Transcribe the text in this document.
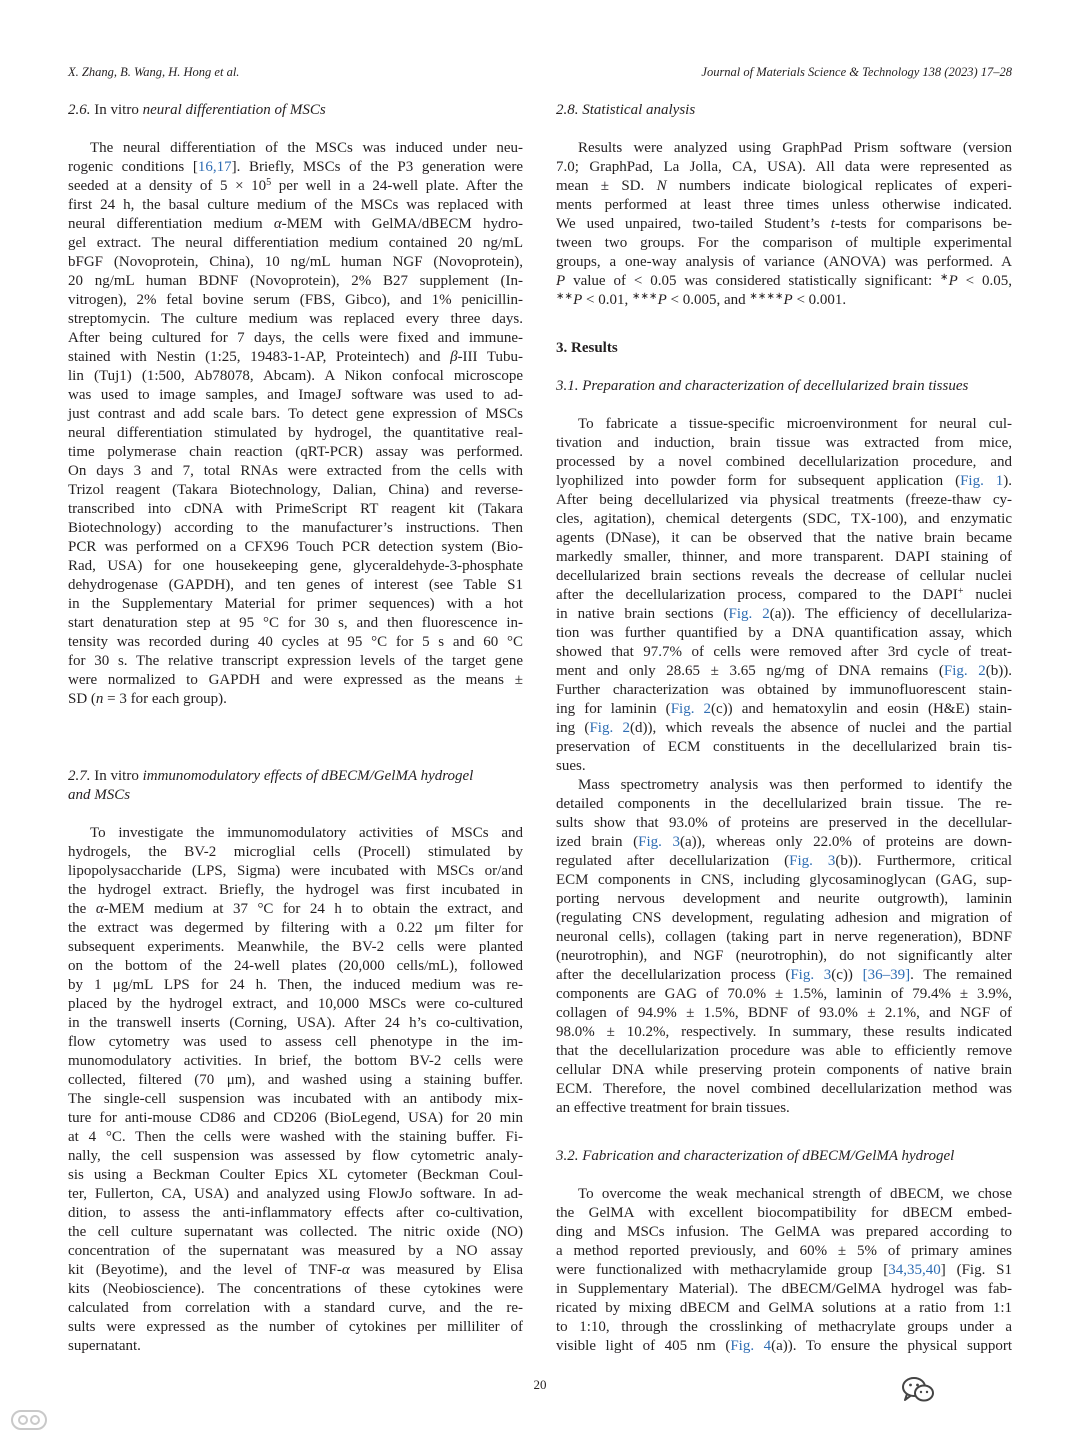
X. Zhang, B. Wang, H. Hong et al.	Journal of Materials Science & Technology 138 (2023) 17–28
2.6. In vitro neural differentiation of MSCs
The neural differentiation of the MSCs was induced under neu-
rogenic conditions [16,17]. Briefly, MSCs of the P3 generation were
seeded at a density of $5 \times 10^5$ per well in a 24-well plate. After the
first 24 h, the basal culture medium of the MSCs was replaced with
neural differentiation medium α-MEM with GelMA/dBECM hydro-
gel extract. The neural differentiation medium contained 20 ng/mL
bFGF (Novoprotein, China), 10 ng/mL human NGF (Novoprotein),
20 ng/mL human BDNF (Novoprotein), 2% B27 supplement (In-
vitrogen), 2% fetal bovine serum (FBS, Gibco), and 1% penicillin-
streptomycin. The culture medium was replaced every three days.
After being cultured for 7 days, the cells were fixed and immune-
stained with Nestin (1:25, 19483-1-AP, Proteintech) and β-III Tubu-
lin (Tuj1) (1:500, Ab78078, Abcam). A Nikon confocal microscope
was used to image samples, and ImageJ software was used to ad-
just contrast and add scale bars. To detect gene expression of MSCs
neural differentiation stimulated by hydrogel, the quantitative real-
time polymerase chain reaction (qRT-PCR) assay was performed.
On days 3 and 7, total RNAs were extracted from the cells with
Trizol reagent (Takara Biotechnology, Dalian, China) and reverse-
transcribed into cDNA with PrimeScript RT reagent kit (Takara
Biotechnology) according to the manufacturer’s instructions. Then
PCR was performed on a CFX96 Touch PCR detection system (Bio-
Rad, USA) for one housekeeping gene, glyceraldehyde-3-phosphate
dehydrogenase (GAPDH), and ten genes of interest (see Table S1
in the Supplementary Material for primer sequences) with a hot
start denaturation step at 95 °C for 30 s, and then fluorescence in-
tensity was recorded during 40 cycles at 95 °C for 5 s and 60 °C
for 30 s. The relative transcript expression levels of the target gene
were normalized to GAPDH and were expressed as the means ±
SD (n = 3 for each group).
2.7. In vitro immunomodulatory effects of dBECM/GelMA hydrogel
and MSCs
To investigate the immunomodulatory activities of MSCs and
hydrogels, the BV-2 microglial cells (Procell) stimulated by
lipopolysaccharide (LPS, Sigma) were incubated with MSCs or/and
the hydrogel extract. Briefly, the hydrogel was first incubated in
the α-MEM medium at 37 °C for 24 h to obtain the extract, and
the extract was degermed by filtering with a 0.22 μm filter for
subsequent experiments. Meanwhile, the BV-2 cells were planted
on the bottom of the 24-well plates (20,000 cells/mL), followed
by 1 μg/mL LPS for 24 h. Then, the induced medium was re-
placed by the hydrogel extract, and 10,000 MSCs were co-cultured
in the transwell inserts (Corning, USA). After 24 h’s co-cultivation,
flow cytometry was used to assess cell phenotype in the im-
munomodulatory activities. In brief, the bottom BV-2 cells were
collected, filtered (70 μm), and washed using a staining buffer.
The single-cell suspension was incubated with an antibody mix-
ture for anti-mouse CD86 and CD206 (BioLegend, USA) for 20 min
at 4 °C. Then the cells were washed with the staining buffer. Fi-
nally, the cell suspension was assessed by flow cytometric analy-
sis using a Beckman Coulter Epics XL cytometer (Beckman Coul-
ter, Fullerton, CA, USA) and analyzed using FlowJo software. In ad-
dition, to assess the anti-inflammatory effects after co-cultivation,
the cell culture supernatant was collected. The nitric oxide (NO)
concentration of the supernatant was measured by a NO assay
kit (Beyotime), and the level of TNF-α was measured by Elisa
kits (Neobioscience). The concentrations of these cytokines were
calculated from correlation with a standard curve, and the re-
sults were expressed as the number of cytokines per milliliter of
supernatant.
2.8. Statistical analysis
Results were analyzed using GraphPad Prism software (version
7.0; GraphPad, La Jolla, CA, USA). All data were represented as
mean ± SD. N numbers indicate biological replicates of experi-
ments performed at least three times unless otherwise indicated.
We used unpaired, two-tailed Student’s t-tests for comparisons be-
tween two groups. For the comparison of multiple experimental
groups, a one-way analysis of variance (ANOVA) was performed. A
P value of < 0.05 was considered statistically significant: ∗P < 0.05,
∗∗P < 0.01, ∗∗∗P < 0.005, and ∗∗∗∗P < 0.001.
3. Results
3.1. Preparation and characterization of decellularized brain tissues
To fabricate a tissue-specific microenvironment for neural cul-
tivation and induction, brain tissue was extracted from mice,
processed by a novel combined decellularization procedure, and
lyophilized into powder form for subsequent application (Fig. 1).
After being decellularized via physical treatments (freeze-thaw cy-
cles, agitation), chemical detergents (SDC, TX-100), and enzymatic
agents (DNase), it can be observed that the native brain became
markedly smaller, thinner, and more transparent. DAPI staining of
decellularized brain sections reveals the decrease of cellular nuclei
after the decellularization process, compared to the DAPI+ nuclei
in native brain sections (Fig. 2(a)). The efficiency of decellulariza-
tion was further quantified by a DNA quantification assay, which
showed that 97.7% of cells were removed after 3rd cycle of treat-
ment and only 28.65 ± 3.65 ng/mg of DNA remains (Fig. 2(b)).
Further characterization was obtained by immunofluorescent stain-
ing for laminin (Fig. 2(c)) and hematoxylin and eosin (H&E) stain-
ing (Fig. 2(d)), which reveals the absence of nuclei and the partial
preservation of ECM constituents in the decellularized brain tis-
sues.
Mass spectrometry analysis was then performed to identify the
detailed components in the decellularized brain tissue. The re-
sults show that 93.0% of proteins are preserved in the decellular-
ized brain (Fig. 3(a)), whereas only 22.0% of proteins are down-
regulated after decellularization (Fig. 3(b)). Furthermore, critical
ECM components in CNS, including glycosaminoglycan (GAG, sup-
porting nervous development and neurite outgrowth), laminin
(regulating CNS development, regulating adhesion and migration of
neuronal cells), collagen (taking part in nerve regeneration), BDNF
(neurotrophin), and NGF (neurotrophin), do not significantly alter
after the decellularization process (Fig. 3(c)) [36–39]. The remained
components are GAG of 70.0% ± 1.5%, laminin of 79.4% ± 3.9%,
collagen of 94.9% ± 1.5%, BDNF of 93.0% ± 2.1%, and NGF of
98.0% ± 10.2%, respectively. In summary, these results indicated
that the decellularization procedure was able to efficiently remove
cellular DNA while preserving protein components of native brain
ECM. Therefore, the novel combined decellularization method was
an effective treatment for brain tissues.
3.2. Fabrication and characterization of dBECM/GelMA hydrogel
To overcome the weak mechanical strength of dBECM, we chose
the GelMA with excellent biocompatibility for dBECM embed-
ding and MSCs infusion. The GelMA was prepared according to
a method reported previously, and 60% ± 5% of primary amines
were functionalized with methacrylamide group [34,35,40] (Fig. S1
in Supplementary Material). The dBECM/GelMA hydrogel was fab-
ricated by mixing dBECM and GelMA solutions at a ratio from 1:1
to 1:10, through the crosslinking of methacrylate groups under a
visible light of 405 nm (Fig. 4(a)). To ensure the physical support
20
